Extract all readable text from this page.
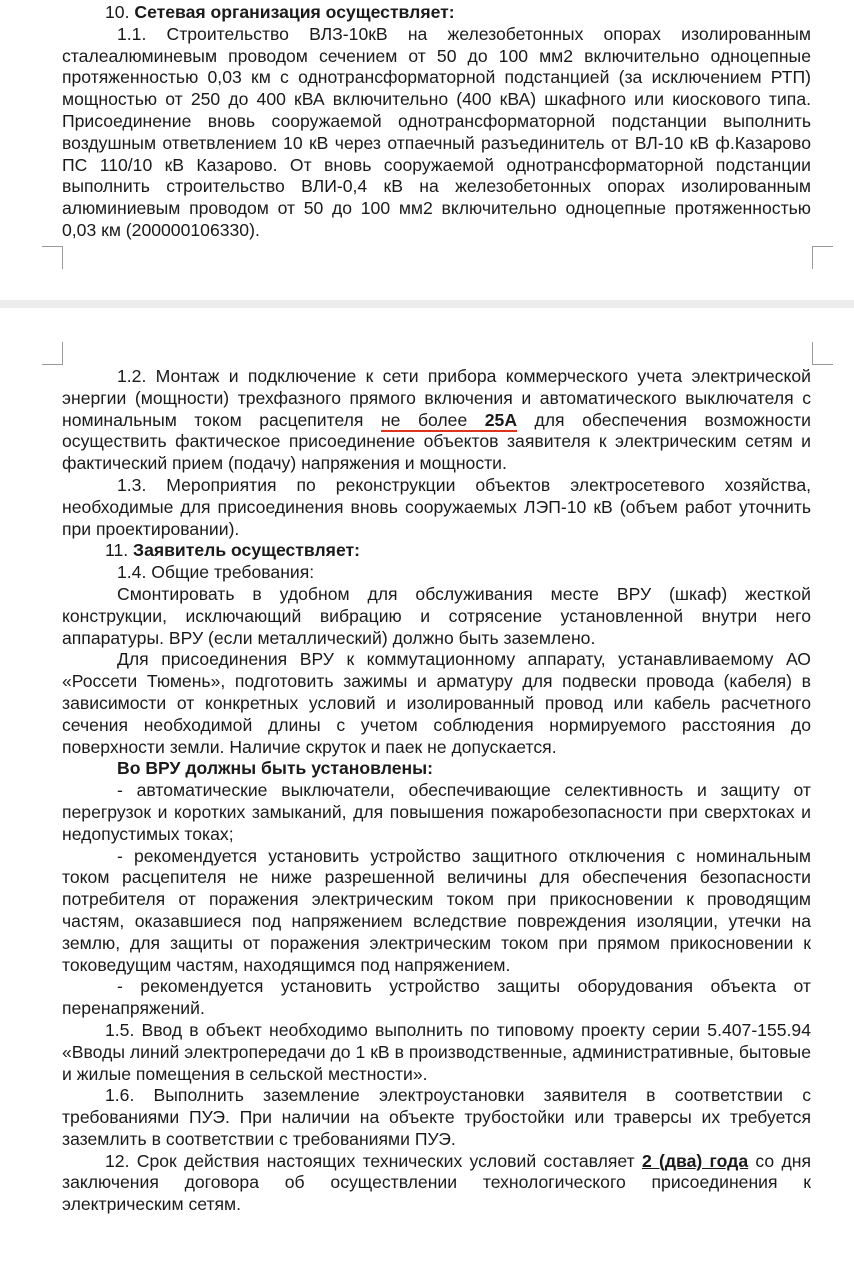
10. Сетевая организация осуществляет:

1.1. Строительство ВЛЗ-10кВ на железобетонных опорах изолированным сталеалюминевым проводом сечением от 50 до 100 мм2 включительно одноцепные протяженностью 0,03 км с однотрансформаторной подстанцией (за исключением РТП) мощностью от 250 до 400 кВА включительно (400 кВА) шкафного или киоскового типа. Присоединение вновь сооружаемой однотрансформаторной подстанции выполнить воздушным ответвлением 10 кВ через отпаечный разъединитель от ВЛ-10 кВ ф.Казарово ПС 110/10 кВ Казарово. От вновь сооружаемой однотрансформаторной подстанции выполнить строительство ВЛИ-0,4 кВ на железобетонных опорах изолированным алюминиевым проводом от 50 до 100 мм2 включительно одноцепные протяженностью 0,03 км (200000106330).

1.2. Монтаж и подключение к сети прибора коммерческого учета электрической энергии (мощности) трехфазного прямого включения и автоматического выключателя с номинальным током расцепителя не более 25А для обеспечения возможности осуществить фактическое присоединение объектов заявителя к электрическим сетям и фактический прием (подачу) напряжения и мощности.

1.3. Мероприятия по реконструкции объектов электросетевого хозяйства, необходимые для присоединения вновь сооружаемых ЛЭП-10 кВ (объем работ уточнить при проектировании).

11. Заявитель осуществляет:

1.4. Общие требования:

Смонтировать в удобном для обслуживания месте ВРУ (шкаф) жесткой конструкции, исключающий вибрацию и сотрясение установленной внутри него аппаратуры. ВРУ (если металлический) должно быть заземлено.

Для присоединения ВРУ к коммутационному аппарату, устанавливаемому АО «Россети Тюмень», подготовить зажимы и арматуру для подвески провода (кабеля) в зависимости от конкретных условий и изолированный провод или кабель расчетного сечения необходимой длины с учетом соблюдения нормируемого расстояния до поверхности земли. Наличие скруток и паек не допускается.

Во ВРУ должны быть установлены:

- автоматические выключатели, обеспечивающие селективность и защиту от перегрузок и коротких замыканий, для повышения пожаробезопасности при сверхтоках и недопустимых токах;

- рекомендуется установить устройство защитного отключения с номинальным током расцепителя не ниже разрешенной величины для обеспечения безопасности потребителя от поражения электрическим током при прикосновении к проводящим частям, оказавшиеся под напряжением вследствие повреждения изоляции, утечки на землю, для защиты от поражения электрическим током при прямом прикосновении к токоведущим частям, находящимся под напряжением.

- рекомендуется установить устройство защиты оборудования объекта от перенапряжений.

1.5. Ввод в объект необходимо выполнить по типовому проекту серии 5.407-155.94 «Вводы линий электропередачи до 1 кВ в производственные, административные, бытовые и жилые помещения в сельской местности».

1.6. Выполнить заземление электроустановки заявителя в соответствии с требованиями ПУЭ. При наличии на объекте трубостойки или траверсы их требуется заземлить в соответствии с требованиями ПУЭ.

12. Срок действия настоящих технических условий составляет 2 (два) года со дня заключения договора об осуществлении технологического присоединения к электрическим сетям.
